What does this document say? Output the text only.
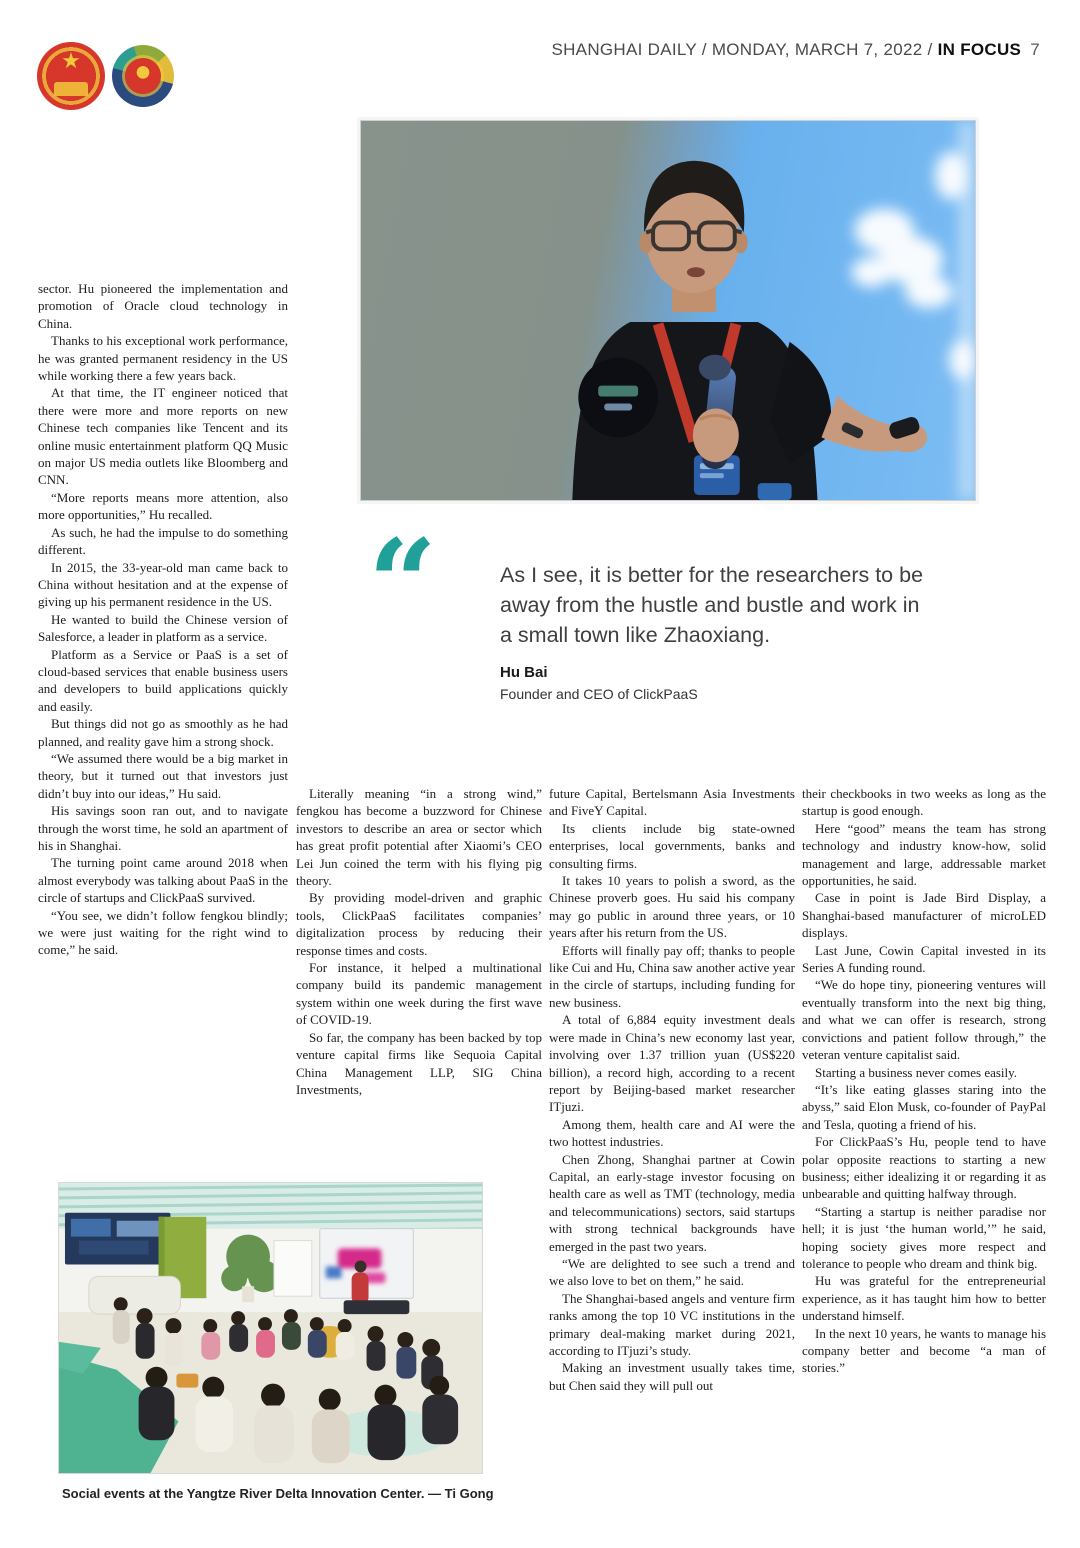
★	SHANGHAI DAILY / MONDAY, MARCH 7, 2022 / IN FOCUS 7
“	As I see, it is better for the researchers to be away from the hustle and bustle and work in a small town like Zhaoxiang.
Hu Bai
Founder and CEO of ClickPaaS

sector. Hu pioneered the implementation and promotion of Oracle cloud technology in China.

Thanks to his exceptional work performance, he was granted permanent residency in the US while working there a few years back.

At that time, the IT engineer noticed that there were more and more reports on new Chinese tech companies like Tencent and its online music entertainment platform QQ Music on major US media outlets like Bloomberg and CNN.

“More reports means more attention, also more opportunities,” Hu recalled.

As such, he had the impulse to do something different.

In 2015, the 33-year-old man came back to China without hesitation and at the expense of giving up his permanent residence in the US.

He wanted to build the Chinese version of Salesforce, a leader in platform as a service.

Platform as a Service or PaaS is a set of cloud-based services that enable business users and developers to build applications quickly and easily.

But things did not go as smoothly as he had planned, and reality gave him a strong shock.

“We assumed there would be a big market in theory, but it turned out that investors just didn’t buy into our ideas,” Hu said.

His savings soon ran out, and to navigate through the worst time, he sold an apartment of his in Shanghai.

The turning point came around 2018 when almost everybody was talking about PaaS in the circle of startups and ClickPaaS survived.

“You see, we didn’t follow fengkou blindly; we were just waiting for the right wind to come,” he said.

Literally meaning “in a strong wind,” fengkou has become a buzzword for Chinese investors to describe an area or sector which has great profit potential after Xiaomi’s CEO Lei Jun coined the term with his flying pig theory.

By providing model-driven and graphic tools, ClickPaaS facilitates companies’ digitalization process by reducing their response times and costs.

For instance, it helped a multinational company build its pandemic management system within one week during the first wave of COVID-19.

So far, the company has been backed by top venture capital firms like Sequoia Capital China Management LLP, SIG China Investments,

future Capital, Bertelsmann Asia Investments and FiveY Capital.

Its clients include big state-owned enterprises, local governments, banks and consulting firms.

It takes 10 years to polish a sword, as the Chinese proverb goes. Hu said his company may go public in around three years, or 10 years after his return from the US.

Efforts will finally pay off; thanks to people like Cui and Hu, China saw another active year in the circle of startups, including funding for new business.

A total of 6,884 equity investment deals were made in China’s new economy last year, involving over 1.37 trillion yuan (US$220 billion), a record high, according to a recent report by Beijing-based market researcher ITjuzi.

Among them, health care and AI were the two hottest industries.

Chen Zhong, Shanghai partner at Cowin Capital, an early-stage investor focusing on health care as well as TMT (technology, media and telecommunications) sectors, said startups with strong technical backgrounds have emerged in the past two years.

“We are delighted to see such a trend and we also love to bet on them,” he said.

The Shanghai-based angels and venture firm ranks among the top 10 VC institutions in the primary deal-making market during 2021, according to ITjuzi’s study.

Making an investment usually takes time, but Chen said they will pull out

their checkbooks in two weeks as long as the startup is good enough.

Here “good” means the team has strong technology and industry know-how, solid management and large, addressable market opportunities, he said.

Case in point is Jade Bird Display, a Shanghai-based manufacturer of microLED displays.

Last June, Cowin Capital invested in its Series A funding round.

“We do hope tiny, pioneering ventures will eventually transform into the next big thing, and what we can offer is research, strong convictions and patient follow through,” the veteran venture capitalist said.

Starting a business never comes easily.

“It’s like eating glasses staring into the abyss,” said Elon Musk, co-founder of PayPal and Tesla, quoting a friend of his.

For ClickPaaS’s Hu, people tend to have polar opposite reactions to starting a new business; either idealizing it or regarding it as unbearable and quitting halfway through.

“Starting a startup is neither paradise nor hell; it is just ‘the human world,’” he said, hoping society gives more respect and tolerance to people who dream and think big.

Hu was grateful for the entrepreneurial experience, as it has taught him how to better understand himself.

In the next 10 years, he wants to manage his company better and become “a man of stories.”

Social events at the Yangtze River Delta Innovation Center. — Ti Gong
